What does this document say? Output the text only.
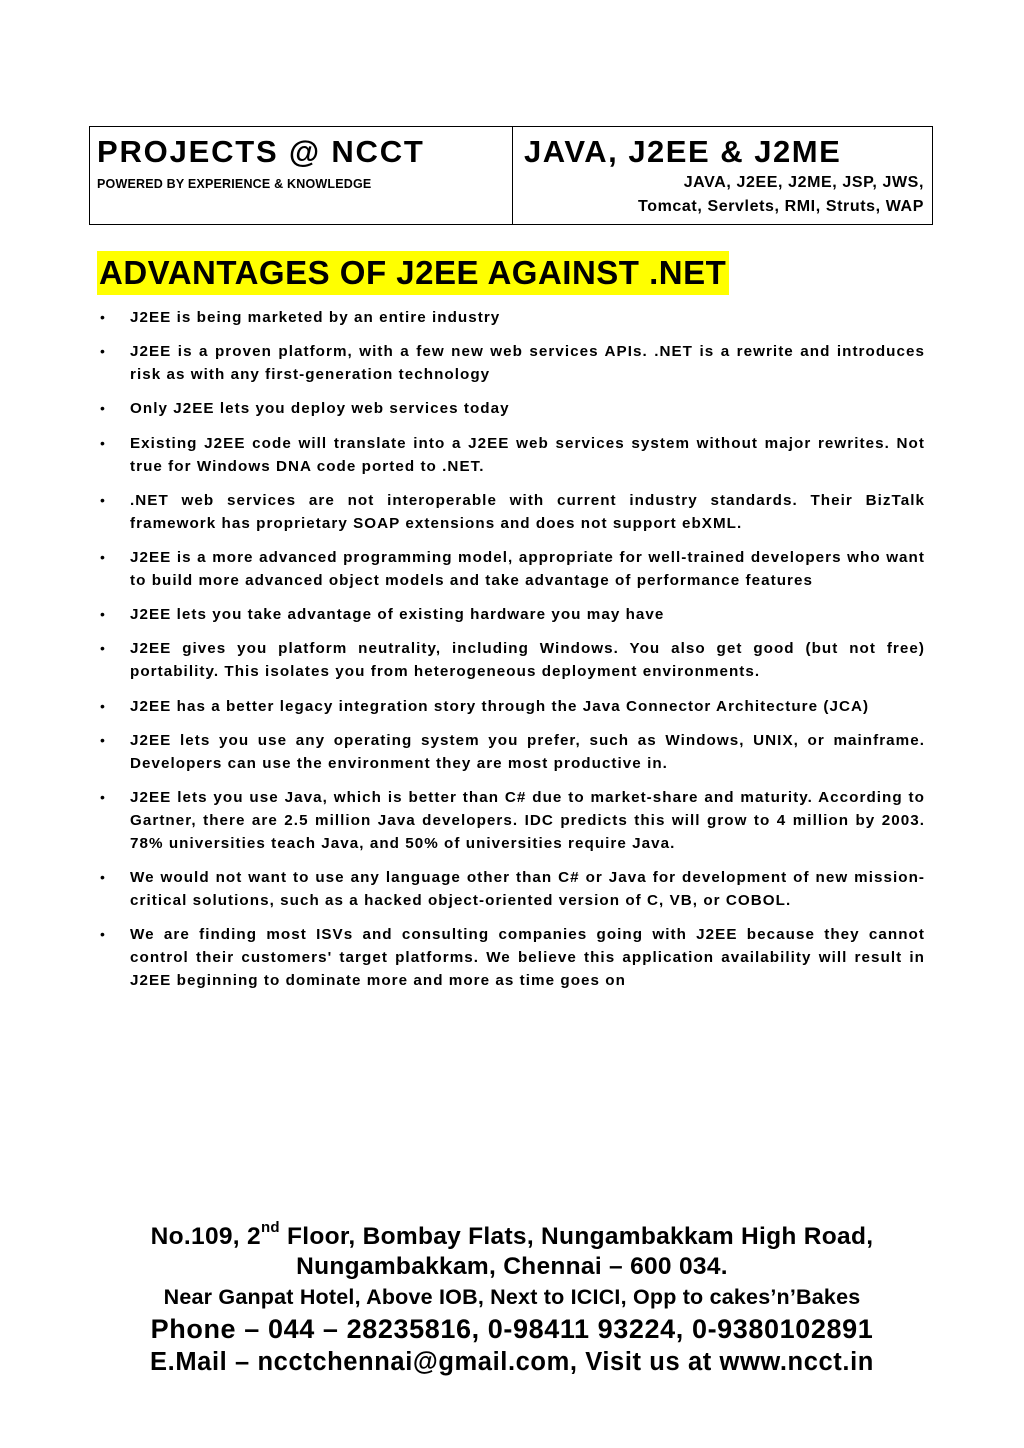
PROJECTS @ NCCT
POWERED BY EXPERIENCE & KNOWLEDGE
JAVA, J2EE & J2ME
JAVA, J2EE, J2ME, JSP, JWS,
Tomcat, Servlets, RMI, Struts, WAP
ADVANTAGES OF J2EE AGAINST .NET
• J2EE is being marketed by an entire industry
• J2EE is a proven platform, with a few new web services APIs. .NET is a rewrite and introduces risk as with any first-generation technology
• Only J2EE lets you deploy web services today
• Existing J2EE code will translate into a J2EE web services system without major rewrites. Not true for Windows DNA code ported to .NET.
• .NET web services are not interoperable with current industry standards. Their BizTalk framework has proprietary SOAP extensions and does not support ebXML.
• J2EE is a more advanced programming model, appropriate for well-trained developers who want to build more advanced object models and take advantage of performance features
• J2EE lets you take advantage of existing hardware you may have
• J2EE gives you platform neutrality, including Windows. You also get good (but not free) portability. This isolates you from heterogeneous deployment environments.
• J2EE has a better legacy integration story through the Java Connector Architecture (JCA)
• J2EE lets you use any operating system you prefer, such as Windows, UNIX, or mainframe. Developers can use the environment they are most productive in.
• J2EE lets you use Java, which is better than C# due to market-share and maturity. According to Gartner, there are 2.5 million Java developers. IDC predicts this will grow to 4 million by 2003. 78% universities teach Java, and 50% of universities require Java.
• We would not want to use any language other than C# or Java for development of new mission-critical solutions, such as a hacked object-oriented version of C, VB, or COBOL.
• We are finding most ISVs and consulting companies going with J2EE because they cannot control their customers' target platforms. We believe this application availability will result in J2EE beginning to dominate more and more as time goes on
No.109, 2nd Floor, Bombay Flats, Nungambakkam High Road,
Nungambakkam, Chennai – 600 034.
Near Ganpat Hotel, Above IOB, Next to ICICI, Opp to cakes’n’Bakes
Phone – 044 – 28235816, 0-98411 93224, 0-9380102891
E.Mail – ncctchennai@gmail.com, Visit us at www.ncct.in
